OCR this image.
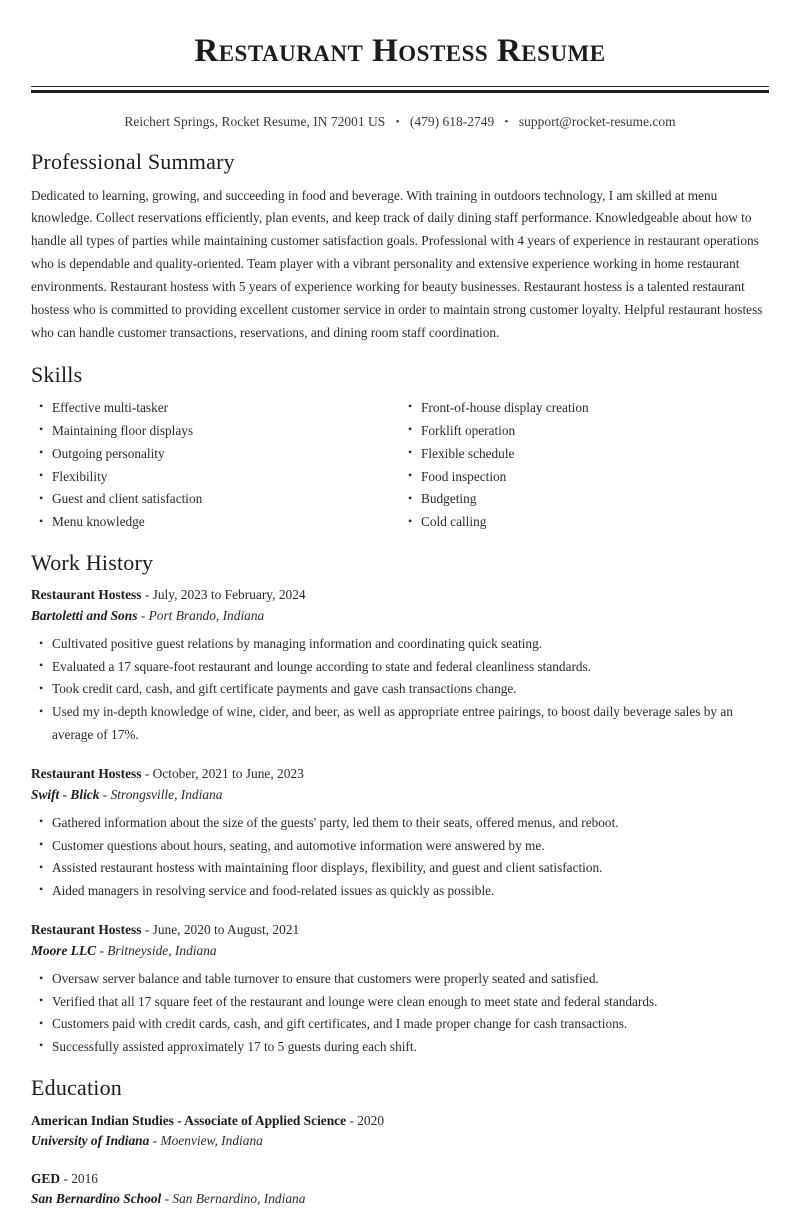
Restaurant Hostess Resume
Reichert Springs, Rocket Resume, IN 72001 US • (479) 618-2749 • support@rocket-resume.com
Professional Summary

Dedicated to learning, growing, and succeeding in food and beverage. With training in outdoors technology, I am skilled at menu knowledge. Collect reservations efficiently, plan events, and keep track of daily dining staff performance. Knowledgeable about how to handle all types of parties while maintaining customer satisfaction goals. Professional with 4 years of experience in restaurant operations who is dependable and quality-oriented. Team player with a vibrant personality and extensive experience working in home restaurant environments. Restaurant hostess with 5 years of experience working for beauty businesses. Restaurant hostess is a talented restaurant hostess who is committed to providing excellent customer service in order to maintain strong customer loyalty. Helpful restaurant hostess who can handle customer transactions, reservations, and dining room staff coordination.

Skills
• Effective multi-tasker
• Maintaining floor displays
• Outgoing personality
• Flexibility
• Guest and client satisfaction
• Menu knowledge
• Front-of-house display creation
• Forklift operation
• Flexible schedule
• Food inspection
• Budgeting
• Cold calling
Work History
Restaurant Hostess - July, 2023 to February, 2024
Bartoletti and Sons - Port Brando, Indiana
• Cultivated positive guest relations by managing information and coordinating quick seating.
• Evaluated a 17 square-foot restaurant and lounge according to state and federal cleanliness standards.
• Took credit card, cash, and gift certificate payments and gave cash transactions change.
• Used my in-depth knowledge of wine, cider, and beer, as well as appropriate entree pairings, to boost daily beverage sales by an average of 17%.
Restaurant Hostess - October, 2021 to June, 2023
Swift - Blick - Strongsville, Indiana
• Gathered information about the size of the guests' party, led them to their seats, offered menus, and reboot.
• Customer questions about hours, seating, and automotive information were answered by me.
• Assisted restaurant hostess with maintaining floor displays, flexibility, and guest and client satisfaction.
• Aided managers in resolving service and food-related issues as quickly as possible.
Restaurant Hostess - June, 2020 to August, 2021
Moore LLC - Britneyside, Indiana
• Oversaw server balance and table turnover to ensure that customers were properly seated and satisfied.
• Verified that all 17 square feet of the restaurant and lounge were clean enough to meet state and federal standards.
• Customers paid with credit cards, cash, and gift certificates, and I made proper change for cash transactions.
• Successfully assisted approximately 17 to 5 guests during each shift.
Education
American Indian Studies - Associate of Applied Science - 2020
University of Indiana - Moenview, Indiana
GED - 2016
San Bernardino School - San Bernardino, Indiana
